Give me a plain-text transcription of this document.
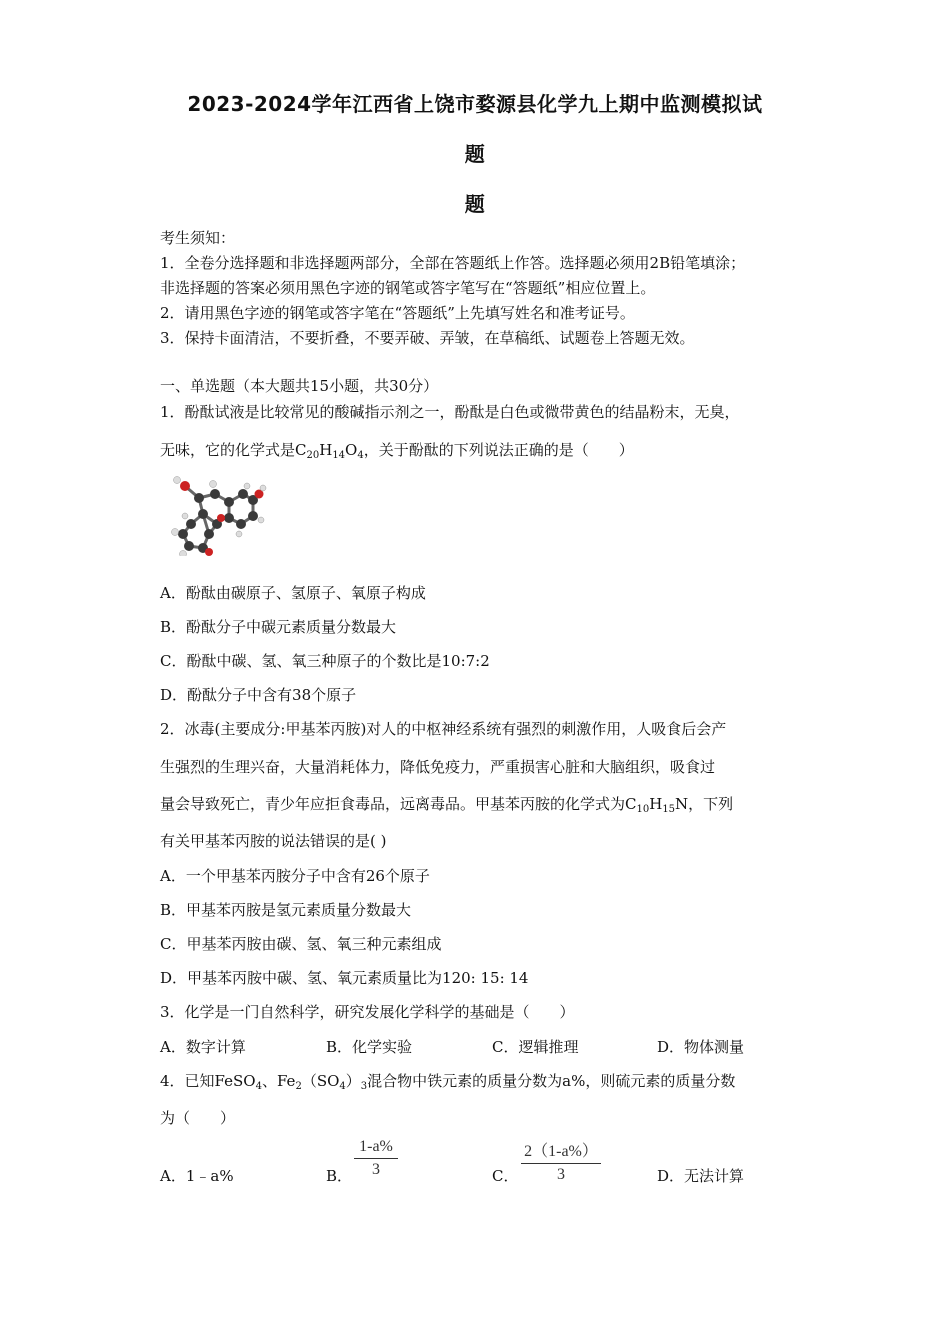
2023-2024学年江西省上饶市婺源县化学九上期中监测模拟试
题
题
考生须知：
1．全卷分选择题和非选择题两部分，全部在答题纸上作答。选择题必须用2B铅笔填涂；
非选择题的答案必须用黑色字迹的钢笔或答字笔写在“答题纸”相应位置上。
2．请用黑色字迹的钢笔或答字笔在“答题纸”上先填写姓名和准考证号。
3．保持卡面清洁，不要折叠，不要弄破、弄皱，在草稿纸、试题卷上答题无效。
一、单选题（本大题共15小题，共30分）
1．酚酞试液是比较常见的酸碱指示剂之一，酚酞是白色或微带黄色的结晶粉末，无臭，
无味，它的化学式是$C_{20}H_{14}O_4$，关于酚酞的下列说法正确的是（　　）
A．酚酞由碳原子、氢原子、氧原子构成
B．酚酞分子中碳元素质量分数最大
C．酚酞中碳、氢、氧三种原子的个数比是10:7:2
D．酚酞分子中含有38个原子
2．冰毒(主要成分:甲基苯丙胺)对人的中枢神经系统有强烈的刺激作用，人吸食后会产
生强烈的生理兴奋，大量消耗体力，降低免疫力，严重损害心脏和大脑组织，吸食过
量会导致死亡，青少年应拒食毒品，远离毒品。甲基苯丙胺的化学式为$C_{10}H_{15}N$，下列
有关甲基苯丙胺的说法错误的是( )
A．一个甲基苯丙胺分子中含有26个原子
B．甲基苯丙胺是氢元素质量分数最大
C．甲基苯丙胺由碳、氢、氧三种元素组成
D．甲基苯丙胺中碳、氢、氧元素质量比为120: 15: 14
3．化学是一门自然科学，研究发展化学科学的基础是（　　）
A．数字计算	B．化学实验	C．逻辑推理	D．物体测量
4．已知FeSO$_4$、$Fe_2(SO_4)_3$混合物中铁元素的质量分数为a%，则硫元素的质量分数
为（　　）
A．1﹣a%	B．	C．	D．无法计算
$\frac{1-a\%}{3}$	$\frac{2(1-a\%)}{3}$
